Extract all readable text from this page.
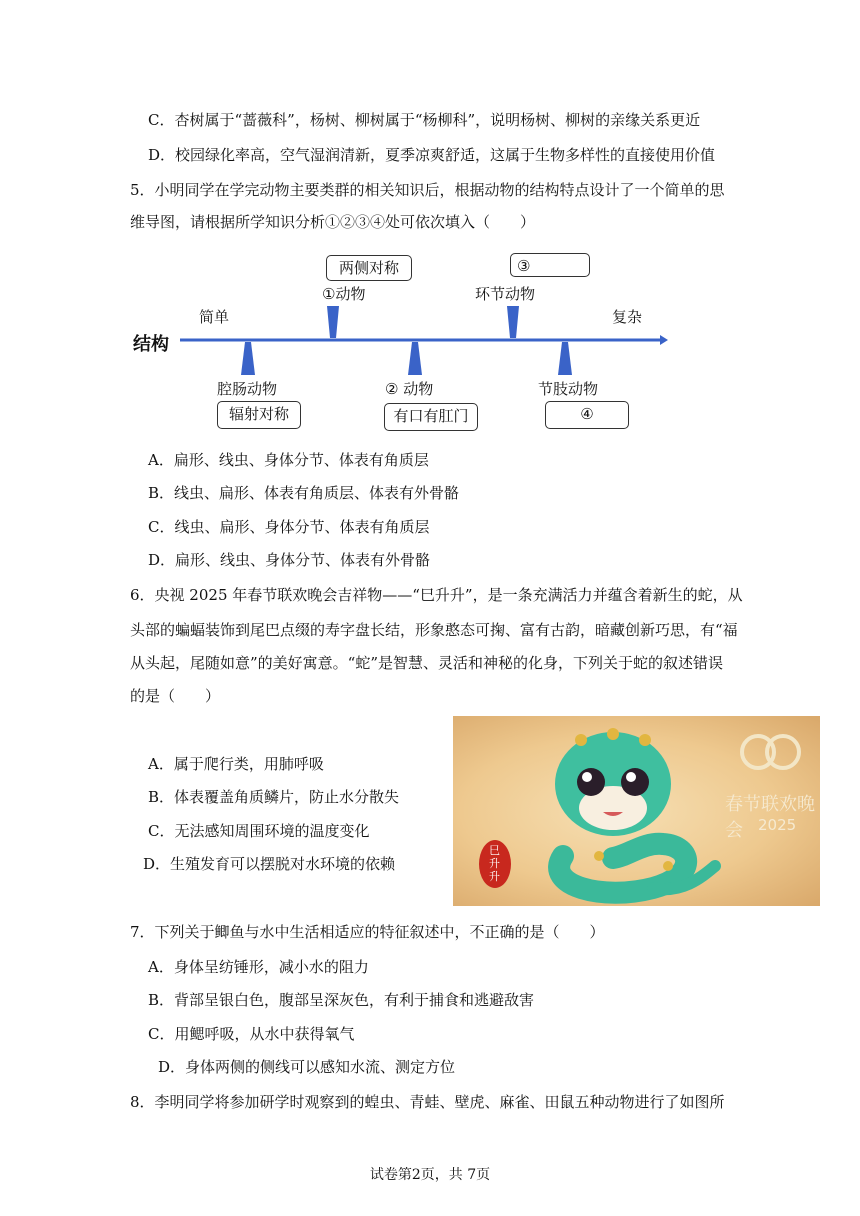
C．杏树属于“蔷薇科”，杨树、柳树属于“杨柳科”，说明杨树、柳树的亲缘关系更近
D．校园绿化率高，空气湿润清新，夏季凉爽舒适，这属于生物多样性的直接使用价值
5．小明同学在学完动物主要类群的相关知识后，根据动物的结构特点设计了一个简单的思
维导图，请根据所学知识分析①②③④处可依次填入（　　）
结构
简单	复杂
两侧对称
①动物
③
环节动物
腔肠动物
辐射对称
② 动物
有口有肛门
节肢动物
④
A．扁形、线虫、身体分节、体表有角质层
B．线虫、扁形、体表有角质层、体表有外骨骼
C．线虫、扁形、身体分节、体表有角质层
D．扁形、线虫、身体分节、体表有外骨骼
6．央视 2025 年春节联欢晚会吉祥物——“巳升升”，是一条充满活力并蕴含着新生的蛇，从
头部的蝙蝠装饰到尾巴点缀的寿字盘长结，形象憨态可掬、富有古韵，暗藏创新巧思，有“福
从头起，尾随如意”的美好寓意。“蛇”是智慧、灵活和神秘的化身，下列关于蛇的叙述错误
的是（　　）
A．属于爬行类，用肺呼吸
B．体表覆盖角质鳞片，防止水分散失
C．无法感知周围环境的温度变化
D．生殖发育可以摆脱对水环境的依赖
巳升升
春节联欢晚会	2025
7．下列关于鲫鱼与水中生活相适应的特征叙述中，不正确的是（　　）
A．身体呈纺锤形，减小水的阻力
B．背部呈银白色，腹部呈深灰色，有利于捕食和逃避敌害
C．用鳃呼吸，从水中获得氧气
D．身体两侧的侧线可以感知水流、测定方位
8．李明同学将参加研学时观察到的蝗虫、青蛙、壁虎、麻雀、田鼠五种动物进行了如图所
试卷第2页，共 7页
